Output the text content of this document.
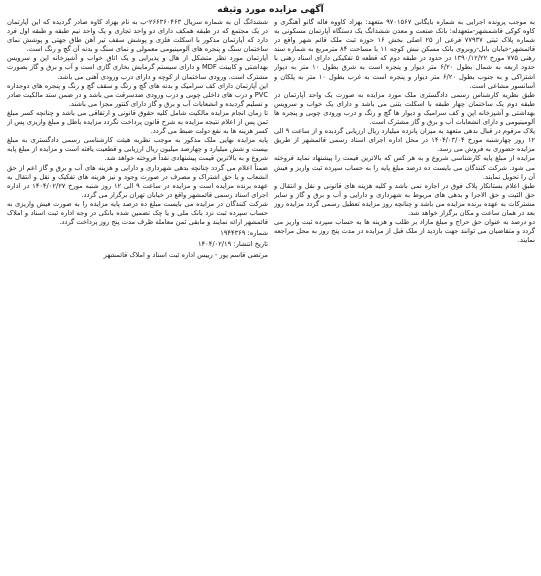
آگهی مزایده مورد وثیقه

به موجب پرونده اجرایی به شماره بایگانی ۹۷۰۱۵۶۷ متعهد: بهزاد کاووه فاله گانو آهنگری و کاوه کوکی قاشمشهر-متعهدله: بانک صنعت و معدن ششدانگ یک دستگاه آپارتمان مسکونی به شماره پلاک ثبتی ۷۷۹۳۷ فرعی از ۲۵ اصلی بخش ۱۶ حوزه ثبت ملک قائم شهر واقع در قائمشهر-خیابان بابل-روبروی بانک مسکن نبش کوچه ۱۱ با مساحت ۸۴ مترمربع به شماره سند رهنی ۷۷۵ مورخ ۱۳۹۰/۱۲/۲۲ در حدود در طبقه دوم که قطعه ۵ تفکیکی دارای اسناد رهنی با حدود اربعه به شمال بطول ۶/۲۰ متر دیوار و پنجره است به شرق بطول ۱۰ متر به دیوار اشتراکی و به جنوب بطول ۶/۲۰ متر دیوار و پنجره است به غرب بطول ۱۰ متر به پلکان و آسانسور مشاعی است.

طبق نظریه کارشناس رسمی دادگستری ملک مورد مزایده به صورت یک واحد آپارتمان در طبقه دوم یک ساختمان چهار طبقه با اسکلت بتنی می باشد و دارای یک خواب و سرویس بهداشتی و آشپزخانه اپن و کف سرامیک و دیوار ها گچ و رنگ و درب ورودی چوبی و پنجره ها آلومینیومی و دارای انشعابات آب و برق و گاز مشترک است.

پلاک مرقوم در قبال بدهی متعهد به میزان پانزده میلیارد ریال ارزیابی گردیده و از ساعت ۹ الی ۱۲ روز چهارشنبه مورخ ۱۴۰۴/۰۳/۰۴ در محل اداره اجرای اسناد رسمی قائمشهر از طریق مزایده حضوری به فروش می رسد.

مزایده از مبلغ پایه کارشناسی شروع و به هر کس که بالاترین قیمت را پیشنهاد نماید فروخته می شود. شرکت کنندگان می بایست ده درصد مبلغ پایه را به حساب سپرده ثبت واریز و فیش آن را تحویل نمایند.

طبق اعلام بستانکار پلاک فوق در اجاره نمی باشد و کلیه هزینه های قانونی و نقل و انتقال و حق الثبت و حق الاجرا و بدهی های مربوط به شهرداری و دارایی و آب و برق و گاز و سایر مشترکات به عهده برنده مزایده می باشد و چنانچه روز مزایده تعطیل رسمی گردد مزایده روز بعد در همان ساعت و مکان برگزار خواهد شد.

دو درصد به عنوان حق حراج و مبلغ مازاد بر طلب و هزینه ها به حساب سپرده ثبت واریز می گردد و متقاضیان می توانند جهت بازدید از ملک قبل از مزایده در مدت پنج روز به محل مراجعه نمایند.

ششدانگ آن به شماره سریال ۲۶۶۳۶۰۴۶۳-ب به نام بهزاد کاوه صادر گردیده که این آپارتمان در یک مجتمع که در طبقه همکف دارای دو واحد تجاری و یک واحد نیم طبقه و طبقه اول فرد دارد که آپارتمان مذکور با اسکلت فلزی و پوشش سقف تیر آهن طاق جهتی و پوشش نمای ساختمان سنگ و پنجره های آلومینیومی معمولی و نمای سنگ و بدنه آن گچ و رنگ است.

آپارتمان مورد نظر متشکل از هال و پذیرایی و یک اتاق خواب و آشپزخانه اپن و سرویس بهداشتی و کابینت MDF و دارای سیستم گرمایش بخاری گازی است و آب و برق و گاز بصورت مشترک است. ورودی ساختمان از کوچه و دارای درب ورودی آهنی می باشد.

این آپارتمان دارای کف سرامیک و بدنه های گچ و رنگ و سقف گچ و رنگ و پنجره های دوجداره PVC و درب های داخلی چوبی و درب ورودی ضدسرقت می باشد و در ضمن سند مالکیت صادر و تسلیم گردیده و انشعابات آب و برق و گاز دارای کنتور مجزا می باشند.

تا زمان انجام مزایده مالکیت شامل کلیه حقوق قانونی و ارتفاقی می باشد و چنانچه کسر مبلغ ثمن پس از اعلام نتیجه مزایده به شرح قانون پرداخت نگردد مزایده باطل و مبلغ واریزی پس از کسر هزینه ها به نفع دولت ضبط می گردد.

پایه مزایده نهایی ملک مذکور به موجب نظریه هیئت کارشناسی رسمی دادگستری به مبلغ بیست و شش میلیارد و چهارصد میلیون ریال ارزیابی و قطعیت یافته است و مزایده از مبلغ پایه شروع و به بالاترین قیمت پیشنهادی نقداً فروخته خواهد شد.

ضمناً اعلام می گردد چنانچه بدهی شهرداری و دارایی و هزینه های آب و برق و گاز اعم از حق انشعاب و یا حق اشتراک و مصرف در صورت وجود و نیز هزینه های تفکیک و نقل و انتقال به عهده برنده مزایده است و مزایده در ساعت ۹ الی ۱۲ روز شنبه مورخ ۱۴۰۴/۰۲/۲۷ در اداره اجرای اسناد رسمی قائمشهر واقع در خیابان تهران برگزار می گردد.

شرکت کنندگان در مزایده می بایست مبلغ ده درصد پایه مزایده را به صورت فیش واریزی به حساب سپرده ثبت نزد بانک ملی و یا چک تضمین شده بانکی در وجه اداره ثبت اسناد و املاک قائمشهر ارائه نمایند و مابقی ثمن معامله ظرف مدت پنج روز پرداخت گردد.

شماره: ۱۹۴۴۳۶۹

تاریخ انتشار: ۱۴۰۴/۰۲/۱۹

مرتضی قاسم پور - رییس اداره ثبت اسناد و املاک قائمشهر
